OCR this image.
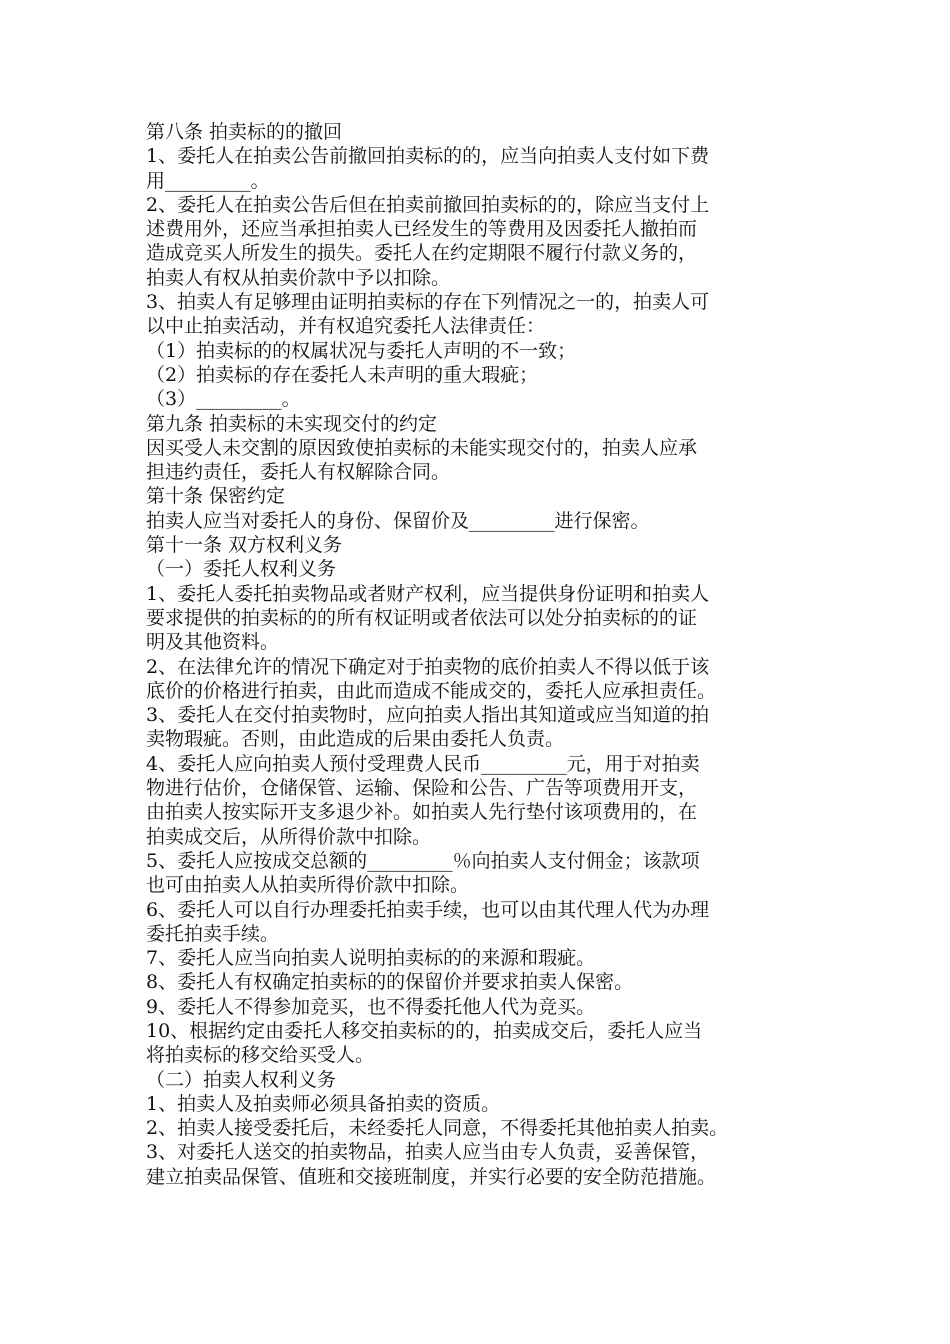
第八条 拍卖标的的撤回
1、委托人在拍卖公告前撤回拍卖标的的，应当向拍卖人支付如下费
用_________。
2、委托人在拍卖公告后但在拍卖前撤回拍卖标的的，除应当支付上
述费用外，还应当承担拍卖人已经发生的等费用及因委托人撤拍而
造成竞买人所发生的损失。委托人在约定期限不履行付款义务的，
拍卖人有权从拍卖价款中予以扣除。
3、拍卖人有足够理由证明拍卖标的存在下列情况之一的，拍卖人可
以中止拍卖活动，并有权追究委托人法律责任：
（1）拍卖标的的权属状况与委托人声明的不一致；
（2）拍卖标的存在委托人未声明的重大瑕疵；
（3）_________。
第九条 拍卖标的未实现交付的约定
因买受人未交割的原因致使拍卖标的未能实现交付的，拍卖人应承
担违约责任，委托人有权解除合同。
第十条 保密约定
拍卖人应当对委托人的身份、保留价及_________进行保密。
第十一条 双方权利义务
（一）委托人权利义务
1、委托人委托拍卖物品或者财产权利，应当提供身份证明和拍卖人
要求提供的拍卖标的的所有权证明或者依法可以处分拍卖标的的证
明及其他资料。
2、在法律允许的情况下确定对于拍卖物的底价拍卖人不得以低于该
底价的价格进行拍卖，由此而造成不能成交的，委托人应承担责任。
3、委托人在交付拍卖物时，应向拍卖人指出其知道或应当知道的拍
卖物瑕疵。否则，由此造成的后果由委托人负责。
4、委托人应向拍卖人预付受理费人民币_________元，用于对拍卖
物进行估价，仓储保管、运输、保险和公告、广告等项费用开支，
由拍卖人按实际开支多退少补。如拍卖人先行垫付该项费用的，在
拍卖成交后，从所得价款中扣除。
5、委托人应按成交总额的_________％向拍卖人支付佣金；该款项
也可由拍卖人从拍卖所得价款中扣除。
6、委托人可以自行办理委托拍卖手续，也可以由其代理人代为办理
委托拍卖手续。
7、委托人应当向拍卖人说明拍卖标的的来源和瑕疵。
8、委托人有权确定拍卖标的的保留价并要求拍卖人保密。
9、委托人不得参加竞买，也不得委托他人代为竞买。
10、根据约定由委托人移交拍卖标的的，拍卖成交后，委托人应当
将拍卖标的移交给买受人。
（二）拍卖人权利义务
1、拍卖人及拍卖师必须具备拍卖的资质。
2、拍卖人接受委托后，未经委托人同意，不得委托其他拍卖人拍卖。
3、对委托人送交的拍卖物品，拍卖人应当由专人负责，妥善保管，
建立拍卖品保管、值班和交接班制度，并实行必要的安全防范措施。
